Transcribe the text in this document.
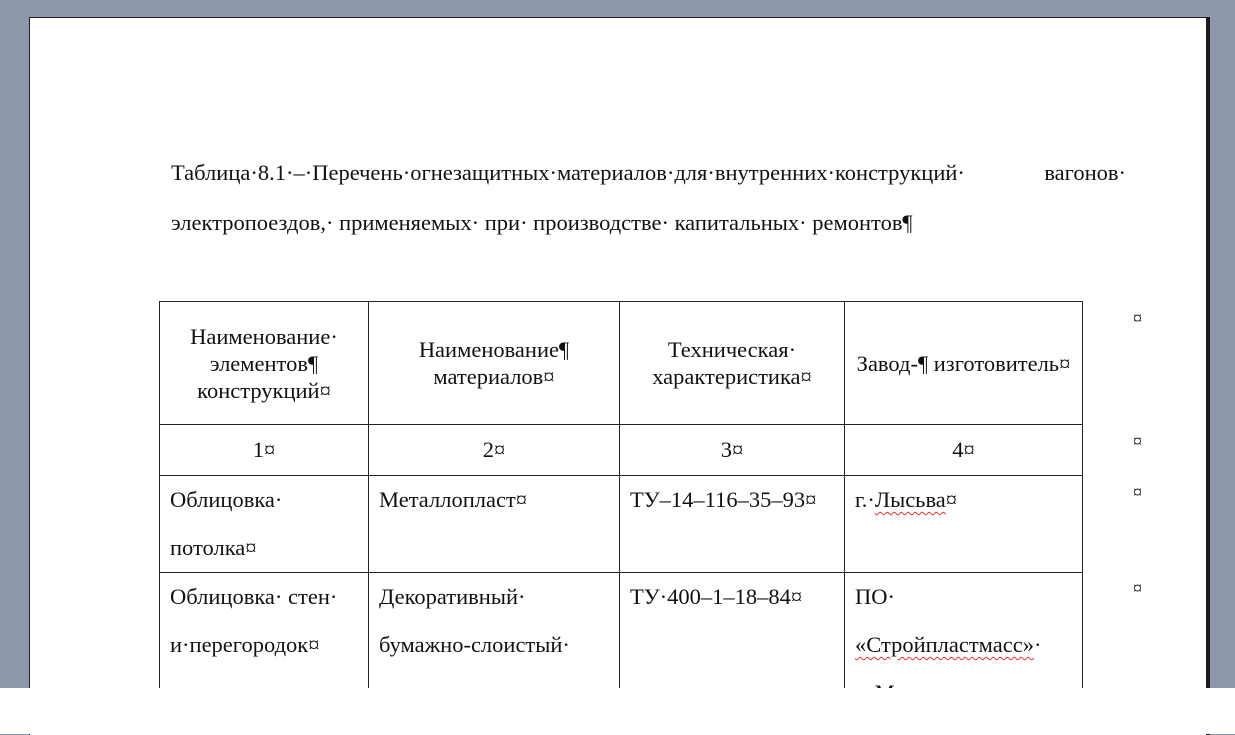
Таблица·8.1·–·Перечень·огнезащитных·материалов·для·внутренних·конструкций· вагонов· электропоездов,· применяемых· при· производстве· капитальных· ремонтов¶
Наименование· элементов¶ конструкций¤	Наименование¶ материалов¤	Техническая· характеристика¤	Завод-¶ изготовитель¤
1¤	2¤	3¤	4¤
Облицовка· потолка¤	Металлопласт¤	ТУ–14–116–35–93¤	г.·Лысьва¤
Облицовка· стен· и·перегородок¤	Декоративный· бумажно-слоистый·	ТУ·400–1–18–84¤	ПО· «Стройпластмасс»·
¤
¤
¤
¤
